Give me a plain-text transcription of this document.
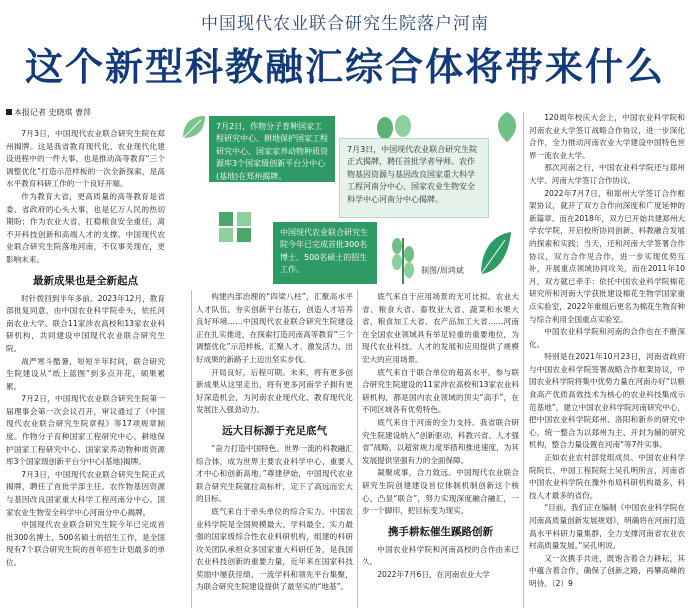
中国现代农业联合研究生院落户河南
这个新型科教融汇综合体将带来什么
本报记者 史晓琪 曹萍
7月2日，作物分子育种国家工程研究中心、耕地保护国家工程研究中心、国家家养动物种质资源库3个国家级创新平台分中心(基地)在郑州揭牌。
7月3日，中国现代农业联合研究生院正式揭牌，聘任首批学者导师。农作物基因资源与基因改良国家重大科学工程河南分中心、国家农业生物安全科学中心河南分中心揭牌。
中国现代农业联合研究生院今年已完成首批300名博士、500名硕士的招生工作。	制图/周鸿斌

7月3日，中国现代农业联合研究生院在郑州揭牌。这是我省教育现代化、农业现代化建设进程中的一件大事，也是推动高等教育“三个调整优化”打造示范样板的一次全新探索，是高水平教育科研工作的一个良好开端。

作为教育大省，更高质量的高等教育是省委、省政府的心头大事，也是亿万人民的热切期盼；作为农业大省，扛稳粮食安全重任，离不开科技创新和高端人才的支撑。中国现代农业联合研究生院落地河南，不仅事关现在，更影响未来。

最新成果也是全新起点

时针拨回到半年多前。2023年12月，教育部批复同意，由中国农业科学院牵头，依托河南农业大学、联合11家涉农高校和13家农业科研机构，共同建设中国现代农业联合研究生院。

战严寒斗酷暑，短短半年时间，联合研究生院建设从“纸上蓝图”到多点开花，硕果累累。

7月2日，中国现代农业联合研究生院第一届理事会第一次会议召开，审议通过了《中国现代农业联合研究生院章程》等17项规章制度。作物分子育种国家工程研究中心、耕地保护国家工程研究中心、国家家养动物种质资源库3个国家级创新平台分中心(基地)揭牌。

7月3日，中国现代农业联合研究生院正式揭牌，聘任了首批学部主任。农作物基因资源与基因改良国家重大科学工程河南分中心、国家农业生物安全科学中心河南分中心揭牌。

中国现代农业联合研究生院今年已完成首批300名博士、500名硕士的招生工作，是全国现有7个联合研究生院的首年招生计划最多的单位。

构建内部治理的“四梁八柱”，汇聚高水平人才队伍，夯实创新平台基石，创造人才培养良好环境……中国现代农业联合研究生院建设正在扎实推进，在探索打造河南高等教育“三个调整优化”示范样板、汇聚人才、激发活力、出好成果的新路子上迈出坚实步伐。

开局良好，后程可期。未来，将有更多创新成果从这里走出，将有更多河南学子拥有更好深造机会，为河南农业现代化、教育现代化发展注入强劲动力。

远大目标源于充足底气

“奋力打造中国特色、世界一流的科教融汇综合体，成为世界主要农业科学中心、重要人才中心和创新高地。”尊建伊始，中国现代农业联合研究生院就拉高标杆，定下了高远而宏大的目标。

底气来自于牵头单位的综合实力。中国农业科学院是全国规模最大、学科最全、实力最强的国家级综合性农业科研机构，组建的科研攻关团队承担众多国家重大科研任务，是我国农业科技创新的重要力量，近年来在国家科技奖励中屡获佳绩，一流学科和领先平台集聚，为联合研究生院建设提供了最坚实的“地基”。

底气来自于应用场景的无可比拟。农业大省、粮食大省、畜牧业大省、蔬菜和水果大省，粮食加工大省、农产品加工大省……河南在全国农业领域具有举足轻重的重要地位，为现代农业科技、人才的发展和应用提供了规模宏大的应用场景。

底气来自于联合单位的超高水平。参与联合研究生院建设的11家涉农高校和13家农业科研机构，都是国内农业领域的顶尖“高手”，在不同区域各有优势特色。

底气来自于河南的全力支持。我省联合研究生院建设纳入“创新驱动、科教兴省、人才强省”战略，以超常规力度举措和推进速度，为其发展提供坚强有力的全面保障。

凝聚成事，合力致远。中国现代农业联合研究生院创建建设首位体制机制创新这个核心，凸显“联合”，努力实现深度融合融汇，一步一个脚印，把目标变为现实。

携手耕耘催生蹊路创新

中国农业科学院和河南高校的合作由来已久。

2022年7月6日，在河南农业大学

120周年校庆大会上，中国农业科学院和河南农业大学签订战略合作协议，进一步深化合作，全力推动河南农业大学建设中国特色世界一流农业大学。

那次河南之行，中国农业科学院还与郑州大学、河南大学签订合作协议。

2022年7月7日，和郑州大学签订合作框架协议，就开了双方合作向深度和广度延伸的新篇章。而在2018年，双方已开始共建郑州大学农学院，开启校所协同创新、科教融合发展的探索和实践；当天，还和河南大学签署合作协议，双方合作见合作，进一步实现优势互补，开展重点领域协同攻关，而在2011年10月，双方就已牵手：依托中国农业科学院棉花研究所和河南大学获批建设棉花生物学国家重点实验室，2022年重组后更名为棉花生物育种与综合利用全国重点实验室。

中国农业科学院和河南的合作也在不断深化。

特别是在2021年10月23日，河南省政府与中国农业科学院签署战略合作框架协议，中国农业科学院将集中优势力量在河南办好“以粮食高产优质高效技术为核心的农业科技集成示范基地”，建立中国农业科学院河南研究中心，把中国农业科学院郑州、洛阳和新乡的研究中心，统一整合为以郑州为主、开封为辅的研究机构，整合力量设置在河南“等7件实事。

正如农业农村部党组成员、中国农业科学院院长、中国工程院院士吴孔明所言，河南省中国农业科学院在豫外布局科研机构最多、科技人才最多的省份。

“目前，我们正在编制《中国农业科学院在河南高质量创新发展规划》，明确将在河南打造高水平科研力量集群，全力支撑河南省农业农村高质量发展。”吴孔明说。

又一次携手共进，既饱含着合力耕耘，其中蕴含着合作，确保了创新之路，再攀高峰的明待。（2）9
